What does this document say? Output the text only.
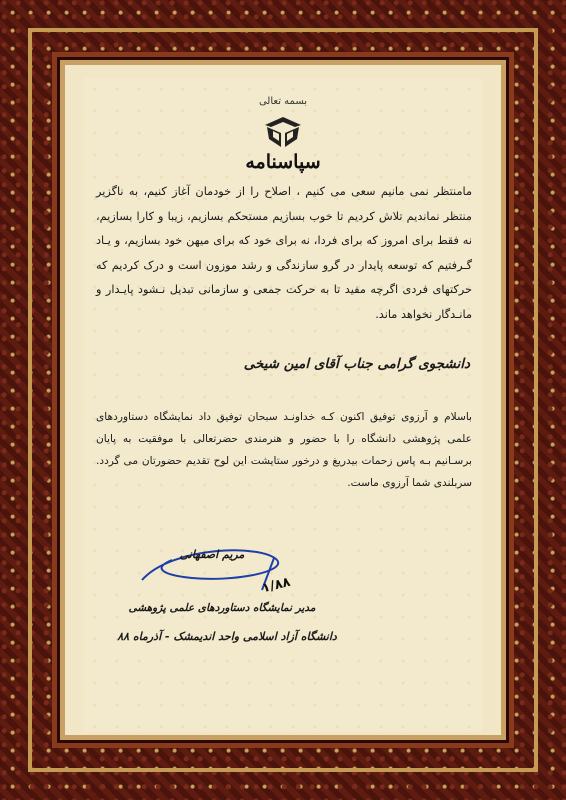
بسمه تعالی
سپاسنامه
مامنتظر نمی مانیم سعی می کنیم ، اصلاح را از خودمان آغاز کنیم، به ناگزیر منتظر نماندیم تلاش کردیم تا خوب بسازیم مستحکم بسازیم، زیبا و کارا بسازیم، نه فقط برای امروز که برای فردا، نه برای خود که برای میهن خود بسازیم، و یـاد گـرفتیم که توسعه پایدار در گرو سازندگی و رشد موزون است و درک کردیم که حرکتهای فردی اگرچه مفید تا به حرکت جمعی و سازمانی تبدیل نـشود پایـدار و مانـدگار نخواهد ماند.
دانشجوی گرامی جناب آقای امین شیخی
باسلام و آرزوی توفیق اکنون کـه خداونـد سبحان توفیق داد نمایشگاه دستاوردهای علمی پژوهشی دانشگاه را با حضور و هنرمندی حضرتعالی با موفقیت به پایان برسـانیم بـه پاس زحمات بیدریغ و درخور ستایشت این لوح تقدیم حضورتان می گردد. سربلندی شما آرزوی ماست.
مریم اصفهانی
۱/۸۸
مدیر نمایشگاه دستاوردهای علمی پژوهشی
دانشگاه آزاد اسلامی واحد اندیمشک - آذرماه ۸۸
